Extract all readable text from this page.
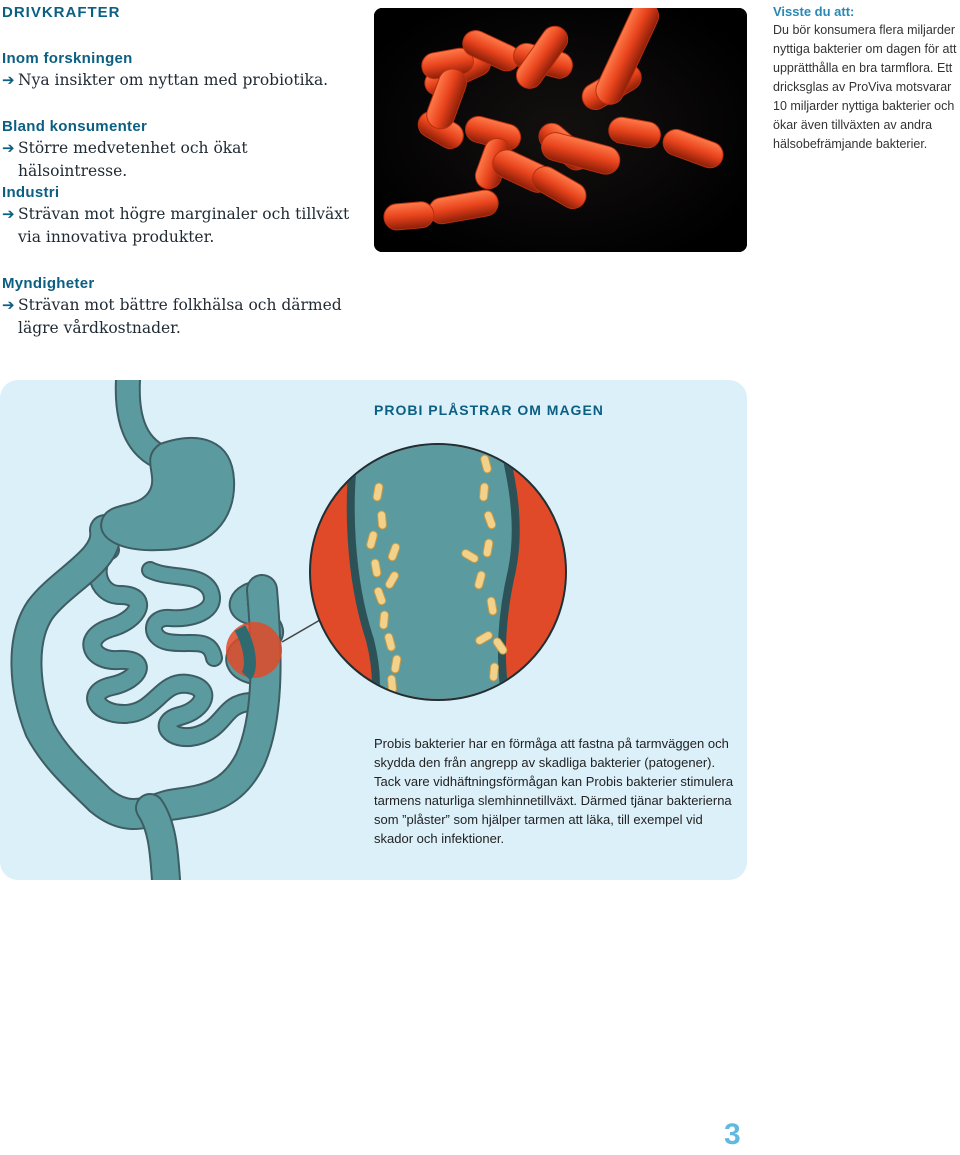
DRIVKRAFTER
Inom forskningen

➔ Nya insikter om nyttan med probiotika.

Bland konsumenter

➔ Större medvetenhet och ökat hälsointresse.

Industri

➔ Strävan mot högre marginaler och tillväxt via innovativa produkter.

Myndigheter

➔ Strävan mot bättre folkhälsa och därmed lägre vårdkostnader.

Visste du att:

Du bör konsumera flera miljarder nyttiga bakterier om dagen för att upprätthålla en bra tarmflora. Ett dricksglas av ProViva motsvarar 10 miljarder nyttiga bakterier och ökar även tillväxten av andra hälsobefrämjande bakterier.

PROBI PLÅSTRAR OM MAGEN

Probis bakterier har en förmåga att fastna på tarmväggen och skydda den från angrepp av skadliga bakterier (patogener). Tack vare vidhäftningsförmågan kan Probis bakterier stimulera tarmens naturliga slemhinnetillväxt. Därmed tjänar bakterierna som ”plåster” som hjälper tarmen att läka, till exempel vid skador och infektioner.

3
